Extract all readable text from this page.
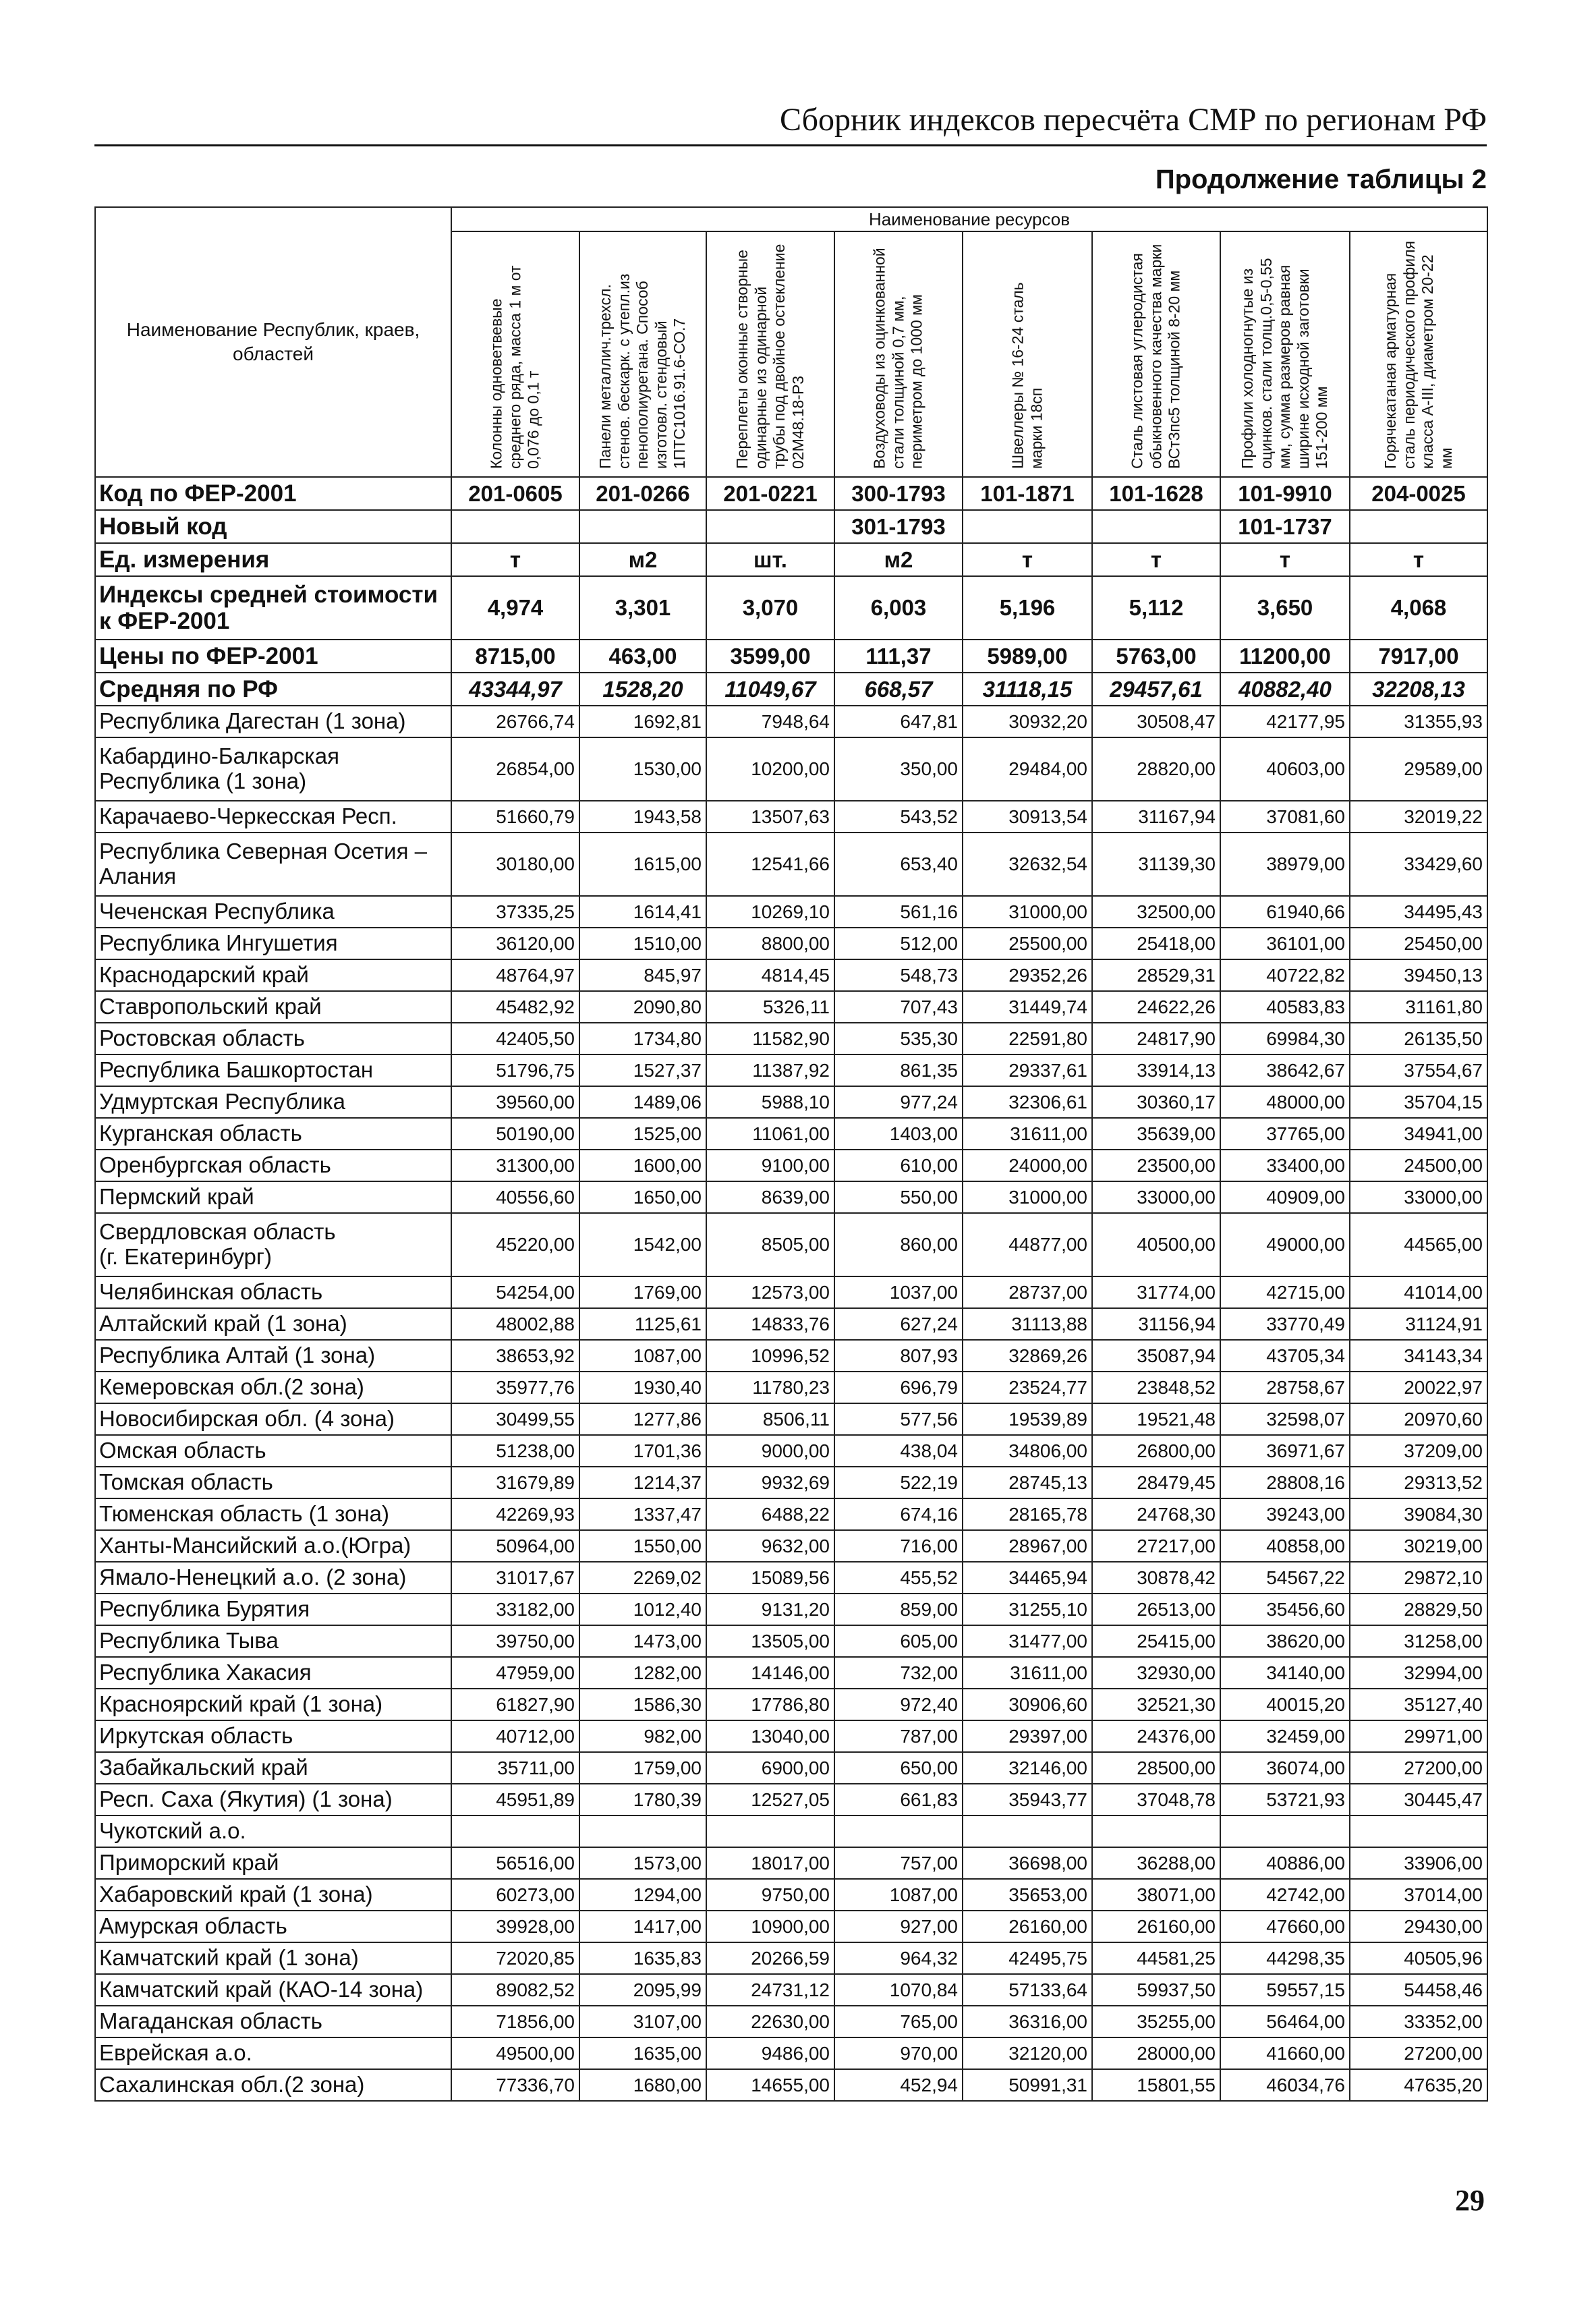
Сборник индексов пересчёта СМР по регионам РФ
Продолжение таблицы 2
Наименование Республик, краев, областей	Наименование ресурсов							

	Колонны одноветвевые среднего ряда, масса 1 м от 0,076 до 0,1 т	Панели металлич.трехсл. стенов. бескарк. с утепл.из пенополиуретана. Способ изготовл. стендовый 1ПТС1016.91.6-СО.7	Переплеты оконные створные одинарные из одинарной трубы под двойное остекление 02М48.18-Р3	Воздуховоды из оцинкованной стали толщиной 0,7 мм, периметром до 1000 мм	Швеллеры № 16-24 сталь марки 18сп	Сталь листовая углеродистая обыкновенного качества марки ВСт3пс5 толщиной 8-20 мм	Профили холодногнутые из оцинков. стали толщ.0,5-0,55 мм, сумма размеров равная ширине исходной заготовки 151-200 мм	Горячекатаная арматурная сталь периодического профиля класса А-III, диаметром 20-22 мм

Код по ФЕР-2001	201-0605	201-0266	201-0221	300-1793	101-1871	101-1628	101-9910	204-0025
Новый код				301-1793			101-1737	
Ед. измерения	т	м2	шт.	м2	т	т	т	т
Индексы средней стоимости к ФЕР-2001	4,974	3,301	3,070	6,003	5,196	5,112	3,650	4,068
Цены по ФЕР-2001	8715,00	463,00	3599,00	111,37	5989,00	5763,00	11200,00	7917,00
Средняя по РФ	43344,97	1528,20	11049,67	668,57	31118,15	29457,61	40882,40	32208,13
Республика Дагестан (1 зона)	26766,74	1692,81	7948,64	647,81	30932,20	30508,47	42177,95	31355,93

Кабардино-Балкарская
Республика (1 зона)	26854,00	1530,00	10200,00	350,00	29484,00	28820,00	40603,00	29589,00
Карачаево-Черкесская Респ.	51660,79	1943,58	13507,63	543,52	30913,54	31167,94	37081,60	32019,22

Республика Северная Осетия –
Алания	30180,00	1615,00	12541,66	653,40	32632,54	31139,30	38979,00	33429,60
Чеченская Республика	37335,25	1614,41	10269,10	561,16	31000,00	32500,00	61940,66	34495,43
Республика Ингушетия	36120,00	1510,00	8800,00	512,00	25500,00	25418,00	36101,00	25450,00
Краснодарский край	48764,97	845,97	4814,45	548,73	29352,26	28529,31	40722,82	39450,13
Ставропольский край	45482,92	2090,80	5326,11	707,43	31449,74	24622,26	40583,83	31161,80
Ростовская область	42405,50	1734,80	11582,90	535,30	22591,80	24817,90	69984,30	26135,50
Республика Башкортостан	51796,75	1527,37	11387,92	861,35	29337,61	33914,13	38642,67	37554,67
Удмуртская Республика	39560,00	1489,06	5988,10	977,24	32306,61	30360,17	48000,00	35704,15
Курганская область	50190,00	1525,00	11061,00	1403,00	31611,00	35639,00	37765,00	34941,00
Оренбургская область	31300,00	1600,00	9100,00	610,00	24000,00	23500,00	33400,00	24500,00
Пермский край	40556,60	1650,00	8639,00	550,00	31000,00	33000,00	40909,00	33000,00

Свердловская область
(г. Екатеринбург)	45220,00	1542,00	8505,00	860,00	44877,00	40500,00	49000,00	44565,00
Челябинская область	54254,00	1769,00	12573,00	1037,00	28737,00	31774,00	42715,00	41014,00
Алтайский край (1 зона)	48002,88	1125,61	14833,76	627,24	31113,88	31156,94	33770,49	31124,91
Республика Алтай (1 зона)	38653,92	1087,00	10996,52	807,93	32869,26	35087,94	43705,34	34143,34
Кемеровская обл.(2 зона)	35977,76	1930,40	11780,23	696,79	23524,77	23848,52	28758,67	20022,97
Новосибирская обл. (4 зона)	30499,55	1277,86	8506,11	577,56	19539,89	19521,48	32598,07	20970,60
Омская область	51238,00	1701,36	9000,00	438,04	34806,00	26800,00	36971,67	37209,00
Томская область	31679,89	1214,37	9932,69	522,19	28745,13	28479,45	28808,16	29313,52
Тюменская область (1 зона)	42269,93	1337,47	6488,22	674,16	28165,78	24768,30	39243,00	39084,30
Ханты-Мансийский а.о.(Югра)	50964,00	1550,00	9632,00	716,00	28967,00	27217,00	40858,00	30219,00
Ямало-Ненецкий а.о. (2 зона)	31017,67	2269,02	15089,56	455,52	34465,94	30878,42	54567,22	29872,10
Республика Бурятия	33182,00	1012,40	9131,20	859,00	31255,10	26513,00	35456,60	28829,50
Республика Тыва	39750,00	1473,00	13505,00	605,00	31477,00	25415,00	38620,00	31258,00
Республика Хакасия	47959,00	1282,00	14146,00	732,00	31611,00	32930,00	34140,00	32994,00
Красноярский край (1 зона)	61827,90	1586,30	17786,80	972,40	30906,60	32521,30	40015,20	35127,40
Иркутская область	40712,00	982,00	13040,00	787,00	29397,00	24376,00	32459,00	29971,00
Забайкальский край	35711,00	1759,00	6900,00	650,00	32146,00	28500,00	36074,00	27200,00
Респ. Саха (Якутия) (1 зона)	45951,89	1780,39	12527,05	661,83	35943,77	37048,78	53721,93	30445,47
Чукотский а.о.								
Приморский край	56516,00	1573,00	18017,00	757,00	36698,00	36288,00	40886,00	33906,00
Хабаровский край (1 зона)	60273,00	1294,00	9750,00	1087,00	35653,00	38071,00	42742,00	37014,00
Амурская область	39928,00	1417,00	10900,00	927,00	26160,00	26160,00	47660,00	29430,00
Камчатский край (1 зона)	72020,85	1635,83	20266,59	964,32	42495,75	44581,25	44298,35	40505,96
Камчатский край (КАО-14 зона)	89082,52	2095,99	24731,12	1070,84	57133,64	59937,50	59557,15	54458,46
Магаданская область	71856,00	3107,00	22630,00	765,00	36316,00	35255,00	56464,00	33352,00
Еврейская а.о.	49500,00	1635,00	9486,00	970,00	32120,00	28000,00	41660,00	27200,00
Сахалинская обл.(2 зона)	77336,70	1680,00	14655,00	452,94	50991,31	15801,55	46034,76	47635,20
29
